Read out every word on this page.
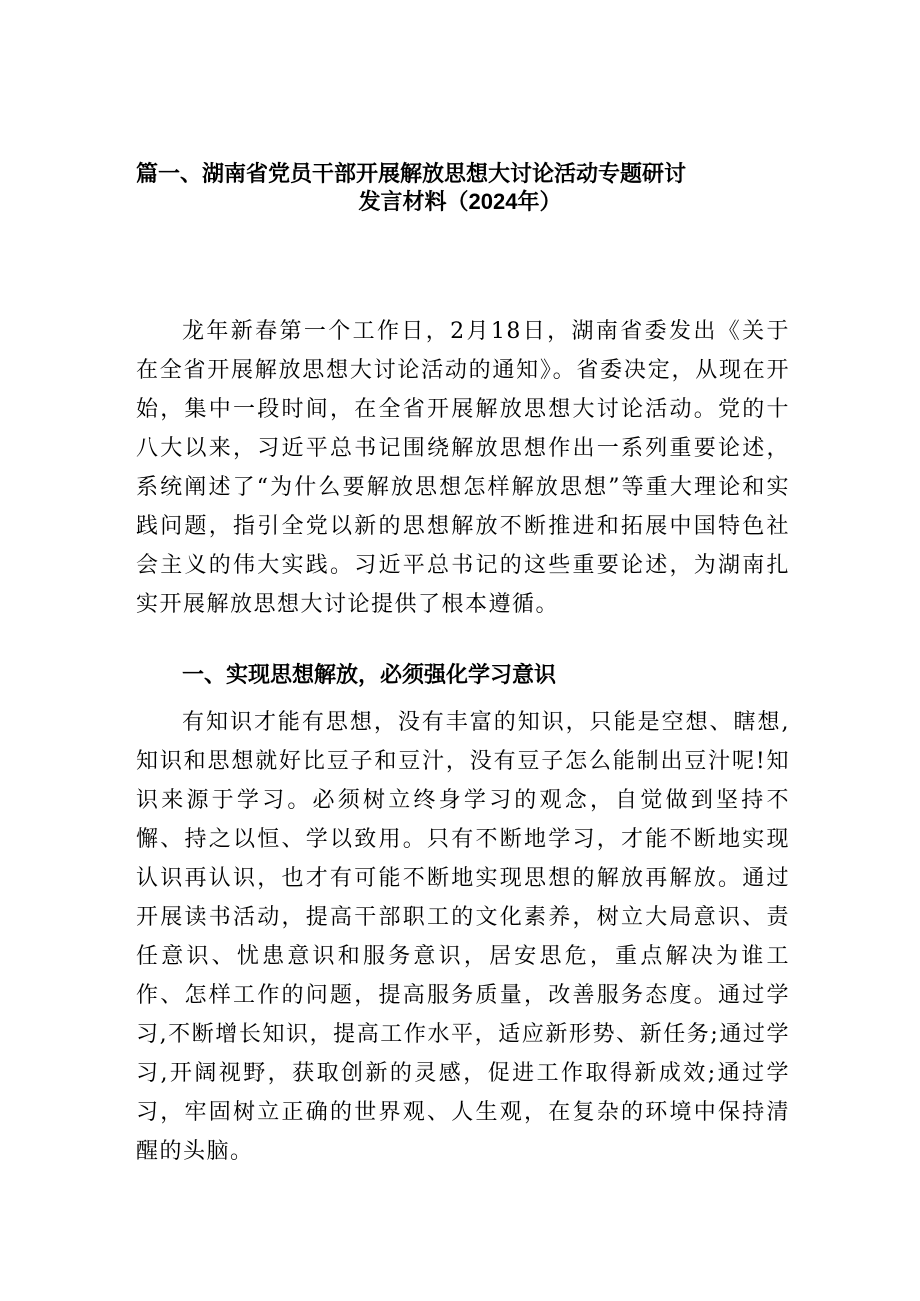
篇一、湖南省党员干部开展解放思想大讨论活动专题研讨
发言材料（2024年）
龙年新春第一个工作日，2月18日，湖南省委发出《关于在全省开展解放思想大讨论活动的通知》。省委决定，从现在开始，集中一段时间，在全省开展解放思想大讨论活动。党的十八大以来，习近平总书记围绕解放思想作出一系列重要论述，系统阐述了“为什么要解放思想怎样解放思想”等重大理论和实践问题，指引全党以新的思想解放不断推进和拓展中国特色社会主义的伟大实践。习近平总书记的这些重要论述，为湖南扎实开展解放思想大讨论提供了根本遵循。
一、实现思想解放，必须强化学习意识
有知识才能有思想，没有丰富的知识，只能是空想、瞎想,知识和思想就好比豆子和豆汁，没有豆子怎么能制出豆汁呢!知识来源于学习。必须树立终身学习的观念，自觉做到坚持不懈、持之以恒、学以致用。只有不断地学习，才能不断地实现认识再认识，也才有可能不断地实现思想的解放再解放。通过开展读书活动，提高干部职工的文化素养，树立大局意识、责任意识、忧患意识和服务意识，居安思危，重点解决为谁工作、怎样工作的问题，提高服务质量，改善服务态度。通过学习,不断增长知识，提高工作水平，适应新形势、新任务;通过学习,开阔视野，获取创新的灵感，促进工作取得新成效;通过学习，牢固树立正确的世界观、人生观，在复杂的环境中保持清醒的头脑。
